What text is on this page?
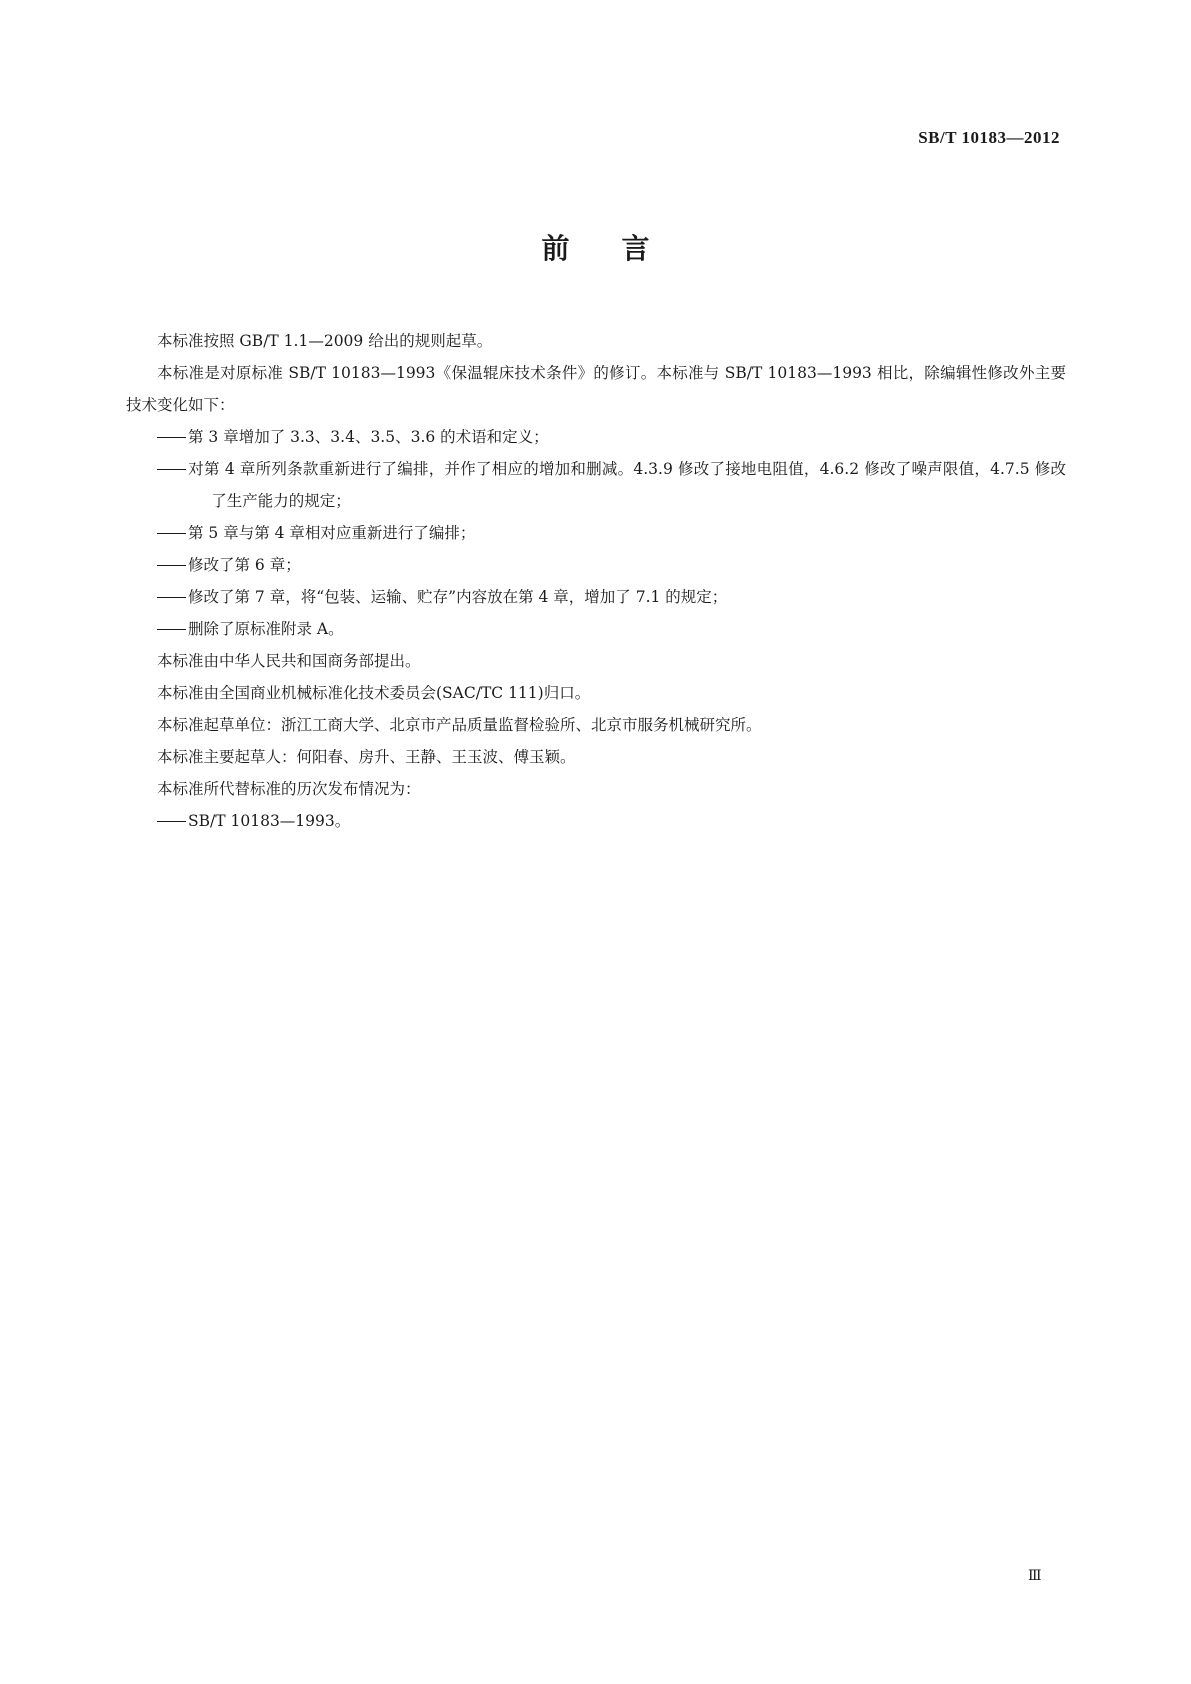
SB/T 10183—2012
前言

本标准按照 GB/T 1.1—2009 给出的规则起草。

本标准是对原标准 SB/T 10183—1993《保温辊床技术条件》的修订。本标准与 SB/T 10183—1993 相比，除编辑性修改外主要技术变化如下：

第 3 章增加了 3.3、3.4、3.5、3.6 的术语和定义；

对第 4 章所列条款重新进行了编排，并作了相应的增加和删减。4.3.9 修改了接地电阻值，4.6.2 修改了噪声限值，4.7.5 修改了生产能力的规定；

第 5 章与第 4 章相对应重新进行了编排；

修改了第 6 章；

修改了第 7 章，将“包装、运输、贮存”内容放在第 4 章，增加了 7.1 的规定；

删除了原标准附录 A。

本标准由中华人民共和国商务部提出。

本标准由全国商业机械标准化技术委员会(SAC/TC 111)归口。

本标准起草单位：浙江工商大学、北京市产品质量监督检验所、北京市服务机械研究所。

本标准主要起草人：何阳春、房升、王静、王玉波、傅玉颖。

本标准所代替标准的历次发布情况为：

SB/T 10183—1993。

Ⅲ
